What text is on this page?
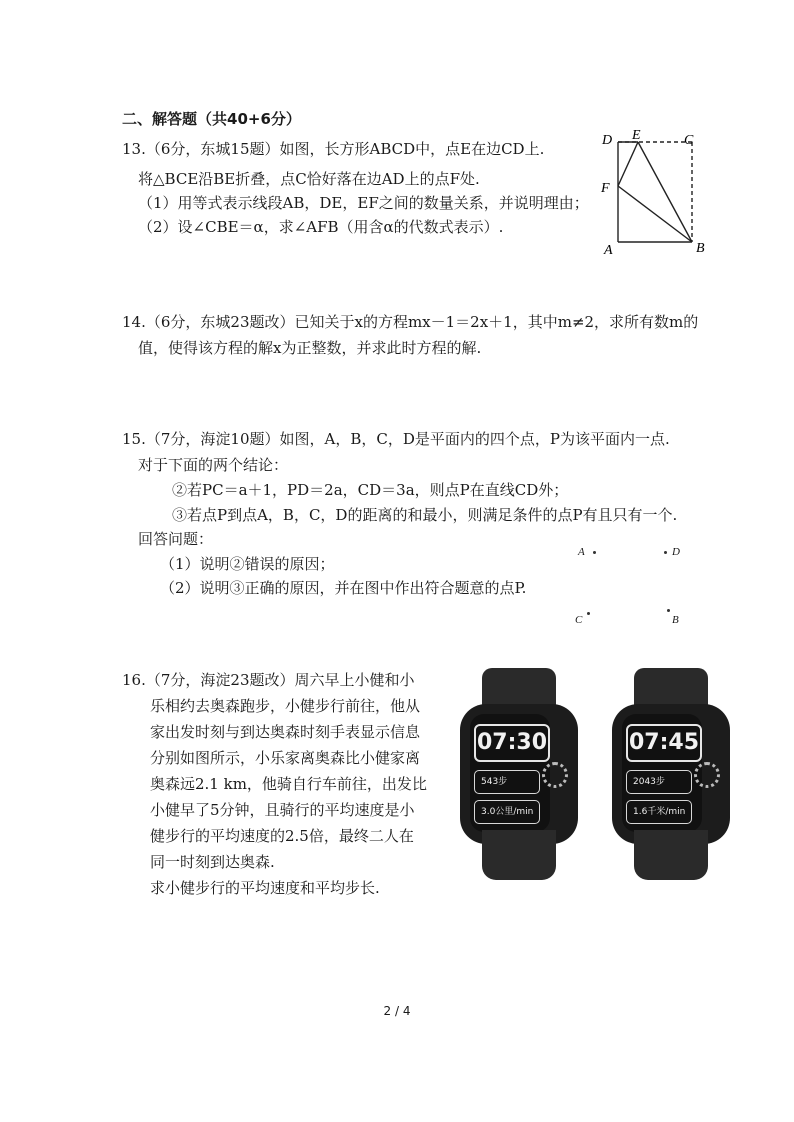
二、解答题（共40+6分）
13.（6分，东城15题）如图，长方形ABCD中，点E在边CD上.
将△BCE沿BE折叠，点C恰好落在边AD上的点F处.
（1）用等式表示线段AB，DE，EF之间的数量关系，并说明理由；
（2）设∠CBE＝α，求∠AFB（用含α的代数式表示）.
D E	C
F
A	B
14.（6分，东城23题改）已知关于x的方程mx－1＝2x＋1，其中m≠2，求所有数m的
值，使得该方程的解x为正整数，并求此时方程的解.
15.（7分，海淀10题）如图，A，B，C，D是平面内的四个点，P为该平面内一点.
对于下面的两个结论：
②若PC＝a＋1，PD＝2a，CD＝3a，则点P在直线CD外；
③若点P到点A，B，C，D的距离的和最小，则满足条件的点P有且只有一个.
回答问题：
（1）说明②错误的原因；
（2）说明③正确的原因，并在图中作出符合题意的点P.
A	D
C	B
16.（7分，海淀23题改）周六早上小健和小
乐相约去奥森跑步，小健步行前往，他从
家出发时刻与到达奥森时刻手表显示信息
分别如图所示，小乐家离奥森比小健家离
奥森远2.1 km，他骑自行车前往，出发比
小健早了5分钟，且骑行的平均速度是小
健步行的平均速度的2.5倍，最终二人在
同一时刻到达奥森.
求小健步行的平均速度和平均步长.
07:30
543步
3.0公里/min
07:45
2043步
1.6千米/min
2 / 4
